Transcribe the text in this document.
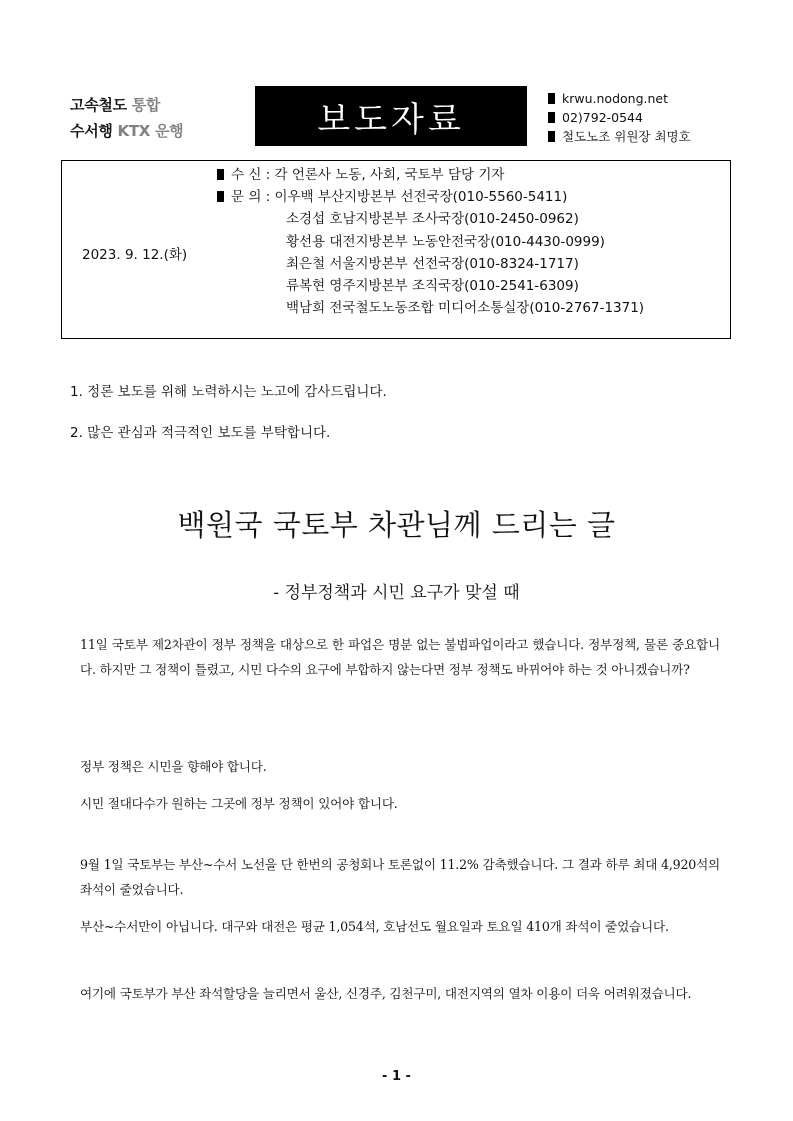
고속철도 통합
수서행 KTX 운행	보도자료
krwu.nodong.net
02)792-0544
철도노조 위원장 최명호
2023. 9. 12.(화)
수 신 : 각 언론사 노동, 사회, 국토부 담당 기자
문 의 : 이우백 부산지방본부 선전국장(010-5560-5411)
소경섭 호남지방본부 조사국장(010-2450-0962)
황선용 대전지방본부 노동안전국장(010-4430-0999)
최은철 서울지방본부 선전국장(010-8324-1717)
류복현 영주지방본부 조직국장(010-2541-6309)
백남희 전국철도노동조합 미디어소통실장(010-2767-1371)
1. 정론 보도를 위해 노력하시는 노고에 감사드립니다.
2. 많은 관심과 적극적인 보도를 부탁합니다.
백원국 국토부 차관님께 드리는 글
- 정부정책과 시민 요구가 맞설 때
11일 국토부 제2차관이 정부 정책을 대상으로 한 파업은 명분 없는 불법파업이라고 했습니다. 정부정책, 물론 중요합니다. 하지만 그 정책이 틀렸고, 시민 다수의 요구에 부합하지 않는다면 정부 정책도 바뀌어야 하는 것 아니겠습니까?
정부 정책은 시민을 향해야 합니다.
시민 절대다수가 원하는 그곳에 정부 정책이 있어야 합니다.
9월 1일 국토부는 부산~수서 노선을 단 한번의 공청회나 토론없이 11.2% 감축했습니다. 그 결과 하루 최대 4,920석의 좌석이 줄었습니다.
부산~수서만이 아닙니다. 대구와 대전은 평균 1,054석, 호남선도 월요일과 토요일 410개 좌석이 줄었습니다.
여기에 국토부가 부산 좌석할당을 늘리면서 울산, 신경주, 김천구미, 대전지역의 열차 이용이 더욱 어려워졌습니다.
- 1 -
